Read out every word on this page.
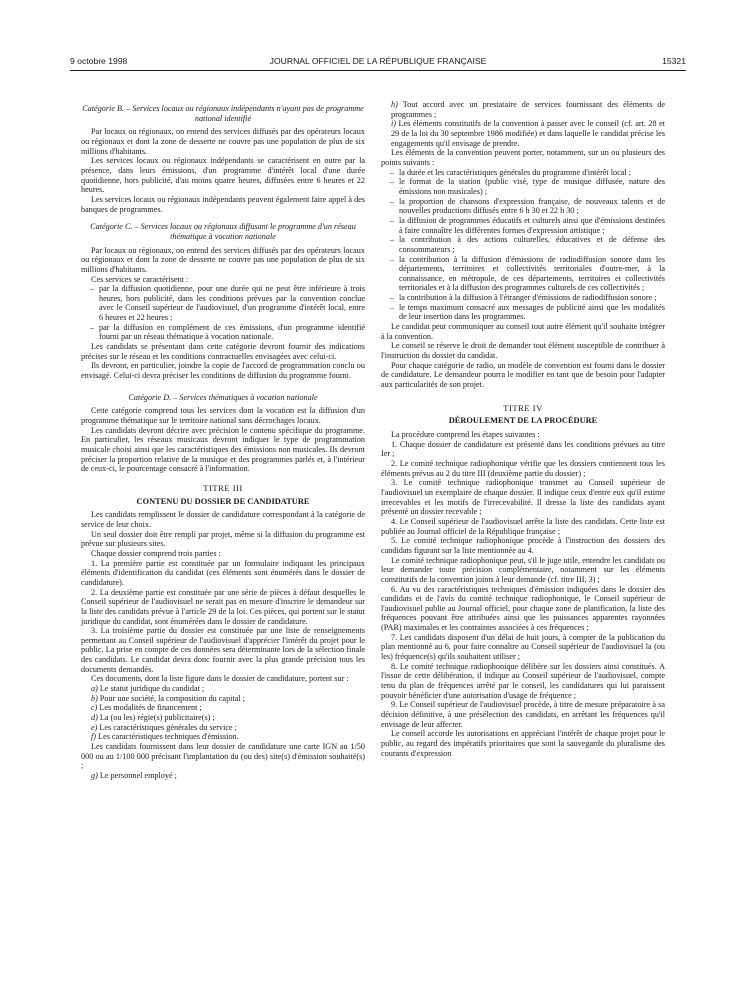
9 octobre 1998	JOURNAL OFFICIEL DE LA RÉPUBLIQUE FRANÇAISE	15321

Catégorie B. – Services locaux ou régionaux indépendants n'ayant pas de programme national identifié

Par locaux ou régionaux, on entend des services diffusés par des opérateurs locaux ou régionaux et dont la zone de desserte ne couvre pas une population de plus de six millions d'habitants.

Les services locaux ou régionaux indépendants se caractérisent en outre par la présence, dans leurs émissions, d'un programme d'intérêt local d'une durée quotidienne, hors publicité, d'au moins quatre heures, diffusées entre 6 heures et 22 heures.

Les services locaux ou régionaux indépendants peuvent également faire appel à des banques de programmes.

Catégorie C. – Services locaux ou régionaux diffusant le programme d'un réseau thématique à vocation nationale

Par locaux ou régionaux, on entend des services diffusés par des opérateurs locaux ou régionaux et dont la zone de desserte ne couvre pas une population de plus de six millions d'habitants.

Ces services se caractérisent :

– par la diffusion quotidienne, pour une durée qui ne peut être inférieure à trois heures, hors publicité, dans les conditions prévues par la convention conclue avec le Conseil supérieur de l'audiovisuel, d'un programme d'intérêt local, entre 6 heures et 22 heures ;
– par la diffusion en complément de ces émissions, d'un programme identifié fourni par un réseau thématique à vocation nationale.

Les candidats se présentant dans cette catégorie devront fournir des indications précises sur le réseau et les conditions contractuelles envisagées avec celui-ci.

Ils devront, en particulier, joindre la copie de l'accord de programmation conclu ou envisagé. Celui-ci devra préciser les conditions de diffusion du programme fourni.

Catégorie D. – Services thématiques à vocation nationale

Cette catégorie comprend tous les services dont la vocation est la diffusion d'un programme thématique sur le territoire national sans décrochages locaux.

Les candidats devront décrire avec précision le contenu spécifique du programme. En particulier, les réseaux musicaux devront indiquer le type de programmation musicale choisi ainsi que les caractéristiques des émissions non musicales. Ils devront préciser la proportion relative de la musique et des programmes parlés et, à l'intérieur de ceux-ci, le pourcentage consacré à l'information.

TITRE III

CONTENU DU DOSSIER DE CANDIDATURE

Les candidats remplissent le dossier de candidature correspondant à la catégorie de service de leur choix.

Un seul dossier doit être remplí par projet, même si la diffusion du programme est prévue sur plusieurs sites.

Chaque dossier comprend trois parties :

1. La première partie est constituée par un formulaire indiquant les principaux éléments d'identification du candidat (ces éléments sont énumérés dans le dossier de candidature).

2. La deuxième partie est constituée par une série de pièces à défaut desquelles le Conseil supérieur de l'audiovisuel ne serait pas en mesure d'inscrire le demandeur sur la liste des candidats prévue à l'article 29 de la loi. Ces pièces, qui portent sur le statut juridique du candidat, sont énumérées dans le dossier de candidature.

3. La troisième partie du dossier est constituée par une liste de renseignements permettant au Conseil supérieur de l'audiovisuel d'apprécier l'intérêt du projet pour le public. La prise en compte de ces données sera déterminante lors de la sélection finale des candidats. Le candidat devra donc fournir avec la plus grande précision tous les documents demandés.

Ces documents, dont la liste figure dans le dossier de candidature, portent sur :

a) Le statut juridique du candidat ;
b) Pour une société, la composition du capital ;
c) Les modalités de financement ;
d) La (ou les) régie(s) publicitaire(s) ;
e) Les caractéristiques générales du service ;
f) Les caractéristiques techniques d'émission.

Les candidats fournissent dans leur dossier de candidature une carte IGN au 1/50 000 ou au 1/100 000 précisant l'implantation du (ou des) site(s) d'émission souhaité(s) ;

g) Le personnel employé ;
h) Tout accord avec un prestataire de services fournissant des éléments de programmes ;
i) Les éléments constitutifs de la convention à passer avec le conseil (cf. art. 28 et 29 de la loi du 30 septembre 1986 modifiée) et dans laquelle le candidat précise les engagements qu'il envisage de prendre.

Les éléments de la convention peuvent porter, notamment, sur un ou plusieurs des points suivants :

– la durée et les caractéristiques générales du programme d'intérêt local ;
– le format de la station (public visé, type de musique diffusée, nature des émissions non musicales) ;
– la proportion de chansons d'expression française, de nouveaux talents et de nouvelles productions diffusés entre 6 h 30 et 22 h 30 ;
– la diffusion de programmes éducatifs et culturels ainsi que d'émissions destinées à faire connaître les différentes formes d'expression artistique ;
– la contribution à des actions culturelles, éducatives et de défense des consommateurs ;
– la contribution à la diffusion d'émissions de radiodiffusion sonore dans les départements, territoires et collectivités territoriales d'outre-mer, à la connaissance, en métropole, de ces départements, territoires et collectivités territoriales et à la diffusion des programmes culturels de ces collectivités ;
– la contribution à la diffusion à l'étranger d'émissions de radiodiffusion sonore ;
– le temps maximum consacré aux messages de publicité ainsi que les modalités de leur insertion dans les programmes.

Le candidat peut communiquer au conseil tout autre élément qu'il souhaite intégrer à la convention.

Le conseil se réserve le droit de demander tout élément susceptible de contribuer à l'instruction du dossier du candidat.

Pour chaque catégorie de radio, un modèle de convention est fourni dans le dossier de candidature. Le demandeur pourra le modifier en tant que de besoin pour l'adapter aux particularités de son projet.

TITRE IV

DÉROULEMENT DE LA PROCÉDURE

La procédure comprend les étapes suivantes :

1. Chaque dossier de candidature est présenté dans les conditions prévues au titre Ier ;

2. Le comité technique radiophonique vérifie que les dossiers contiennent tous les éléments prévus au 2 du titre III (deuxième partie du dossier) ;

3. Le comité technique radiophonique transmet au Conseil supérieur de l'audiovisuel un exemplaire de chaque dossier. Il indique ceux d'entre eux qu'il estime irrecevables et les motifs de l'irrecevabilité. Il dresse la liste des candidats ayant présenté un dossier recevable ;

4. Le Conseil supérieur de l'audiovisuel arrête la liste des candidats. Cette liste est publiée au Journal officiel de la République française ;

5. Le comité technique radiophonique procède à l'instruction des dossiers des candidats figurant sur la liste mentionnée au 4.

Le comité technique radiophonique peut, s'il le juge utile, entendre les candidats ou leur demander toute précision complémentaire, notamment sur les éléments constitutifs de la convention joints à leur demande (cf. titre III, 3) ;

6. Au vu des caractéristiques techniques d'émission indiquées dans le dossier des candidats et de l'avis du comité technique radiophonique, le Conseil supérieur de l'audiovisuel publie au Journal officiel, pour chaque zone de planification, la liste des fréquences pouvant être attribuées ainsi que les puissances apparentes rayonnées (PAR) maximales et les contraintes associées à ces fréquences ;

7. Les candidats disposent d'un délai de huit jours, à compter de la publication du plan mentionné au 6, pour faire connaître au Conseil supérieur de l'audiovisuel la (ou les) fréquence(s) qu'ils souhaitent utiliser ;

8. Le comité technique radiophonique délibère sur les dossiers ainsi constitués. A l'issue de cette délibération, il indique au Conseil supérieur de l'audiovisuel, compte tenu du plan de fréquences arrêté par le conseil, les candidatures qui lui paraissent pouvoir bénéficier d'une autorisation d'usage de fréquence ;

9. Le Conseil supérieur de l'audiovisuel procède, à titre de mesure préparatoire à sa décision définitive, à une présélection des candidats, en arrêtant les fréquences qu'il envisage de leur affecter.

Le conseil accorde les autorisations en appréciant l'intérêt de chaque projet pour le public, au regard des impératifs prioritaires que sont la sauvegarde du pluralisme des courants d'expression
